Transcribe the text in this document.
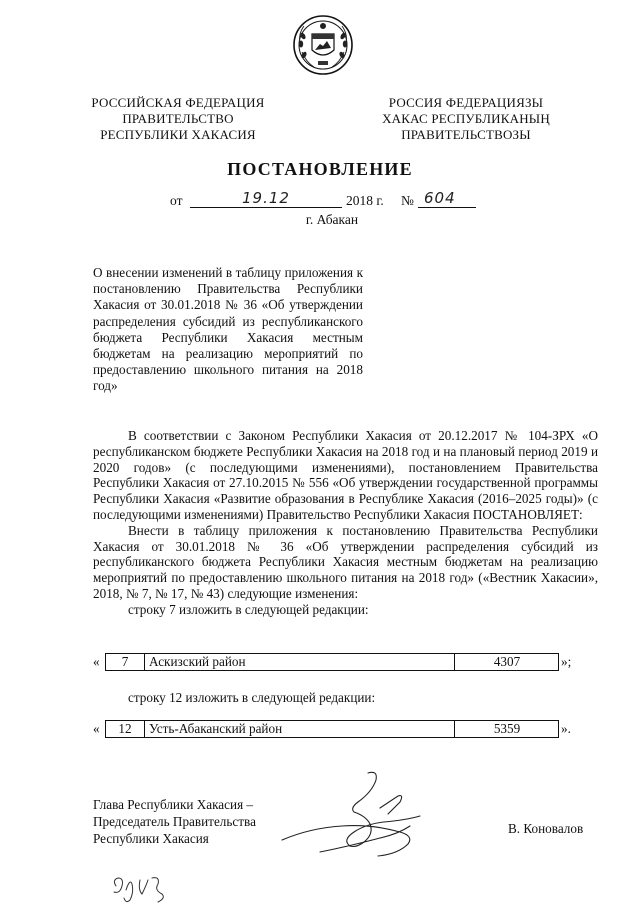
РОССИЙСКАЯ ФЕДЕРАЦИЯ
ПРАВИТЕЛЬСТВО
РЕСПУБЛИКИ ХАКАСИЯ
РОССИЯ ФЕДЕРАЦИЯЗЫ
ХАКАС РЕСПУБЛИКАНЫҢ
ПРАВИТЕЛЬСТВОЗЫ
ПОСТАНОВЛЕНИЕ
от	19.12	2018 г. № 604
г. Абакан
О внесении изменений в таблицу приложения к постановлению Правительства Республики Хакасия от 30.01.2018 № 36 «Об утверждении распределения субсидий из республиканского бюджета Республики Хакасия местным бюджетам на реализацию мероприятий по предоставлению школьного питания на 2018 год»

В соответствии с Законом Республики Хакасия от 20.12.2017 № 104-ЗРХ «О республиканском бюджете Республики Хакасия на 2018 год и на плановый период 2019 и 2020 годов» (с последующими изменениями), постановлением Правительства Республики Хакасия от 27.10.2015 № 556 «Об утверждении государственной программы Республики Хакасия «Развитие образования в Республике Хакасия (2016–2025 годы)» (с последующими изменениями) Правительство Республики Хакасия ПОСТАНОВЛЯЕТ:

Внести в таблицу приложения к постановлению Правительства Республики Хакасия от 30.01.2018 № 36 «Об утверждении распределения субсидий из республиканского бюджета Республики Хакасия местным бюджетам на реализацию мероприятий по предоставлению школьного питания на 2018 год» («Вестник Хакасии», 2018, № 7, № 17, № 43) следующие изменения:

строку 7 изложить в следующей редакции:

«	7	Аскизский район	4307	»;
строку 12 изложить в следующей редакции:
«	12	Усть-Абаканский район	5359	».
Глава Республики Хакасия –
Председатель Правительства
Республики Хакасия
В. Коновалов
